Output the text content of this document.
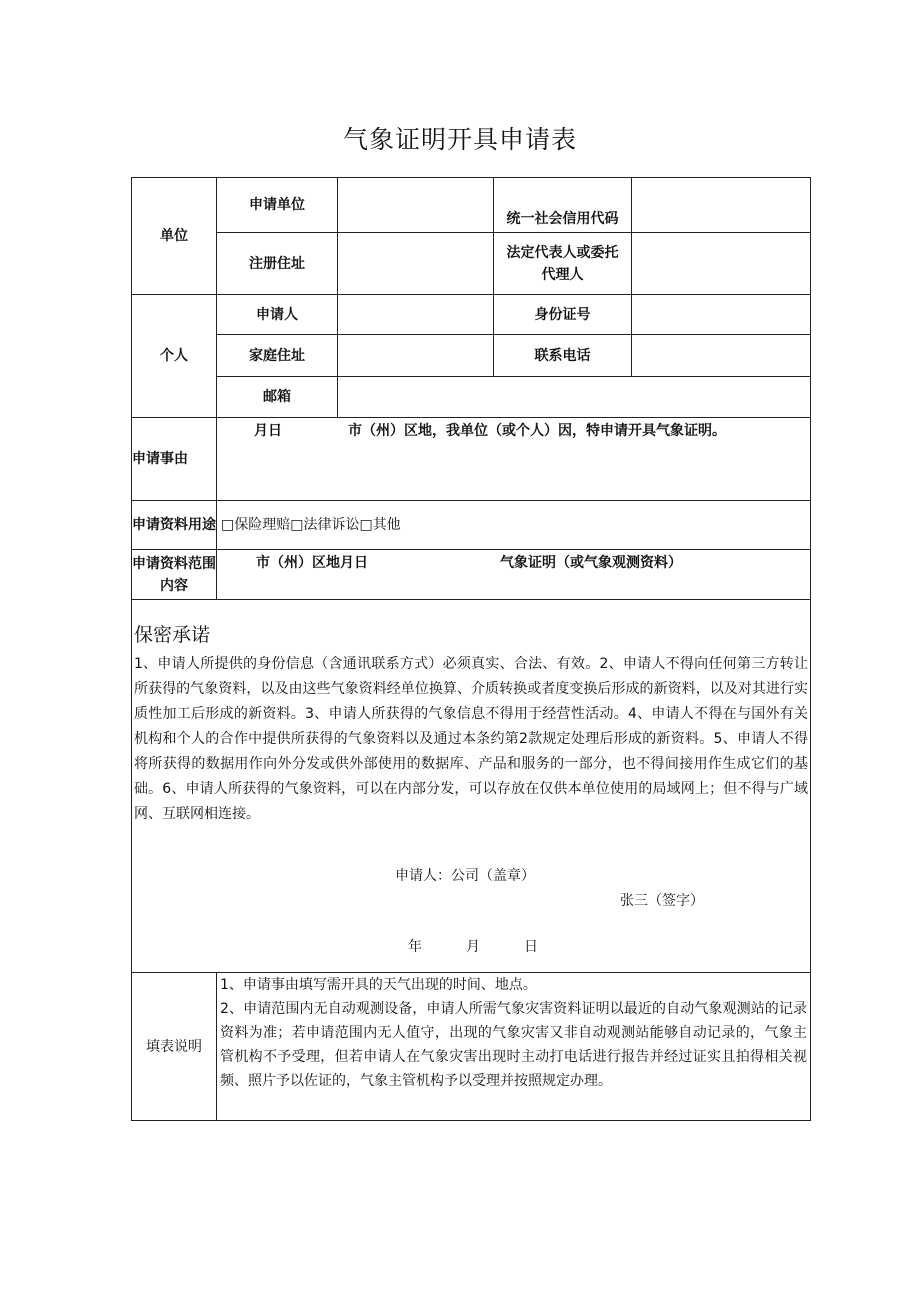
气象证明开具申请表
单位	申请单位		统一社会信用代码	
	注册住址		法定代表人或委托代理人	
个人	申请人		身份证号	
	家庭住址		联系电话	
	邮箱			
申请事由	月日 市（州）区地，我单位（或个人）因，特申请开具气象证明。			

申请资料用途	□保险理赔□法律诉讼□其他			
申请资料范围内容	市（州）区地月日 气象证明（或气象观测资料）			

保密承诺
1、申请人所提供的身份信息（含通讯联系方式）必须真实、合法、有效。2、申请人不得向任何第三方转让所获得的气象资料，以及由这些气象资料经单位换算、介质转换或者度变换后形成的新资料，以及对其进行实质性加工后形成的新资料。3、申请人所获得的气象信息不得用于经营性活动。4、申请人不得在与国外有关机构和个人的合作中提供所获得的气象资料以及通过本条约第2款规定处理后形成的新资料。5、申请人不得将所获得的数据用作向外分发或供外部使用的数据库、产品和服务的一部分，也不得间接用作生成它们的基础。6、申请人所获得的气象资料，可以在内部分发，可以存放在仅供本单位使用的局域网上；但不得与广域网、互联网相连接。
申请人：公司（盖章）
张三（签字）
年 月 日				

填表说明	1、申请事由填写需开具的天气出现的时间、地点。
2、申请范围内无自动观测设备，申请人所需气象灾害资料证明以最近的自动气象观测站的记录资料为准；若申请范围内无人值守，出现的气象灾害又非自动观测站能够自动记录的，气象主管机构不予受理，但若申请人在气象灾害出现时主动打电话进行报告并经过证实且拍得相关视频、照片予以佐证的，气象主管机构予以受理并按照规定办理。			
